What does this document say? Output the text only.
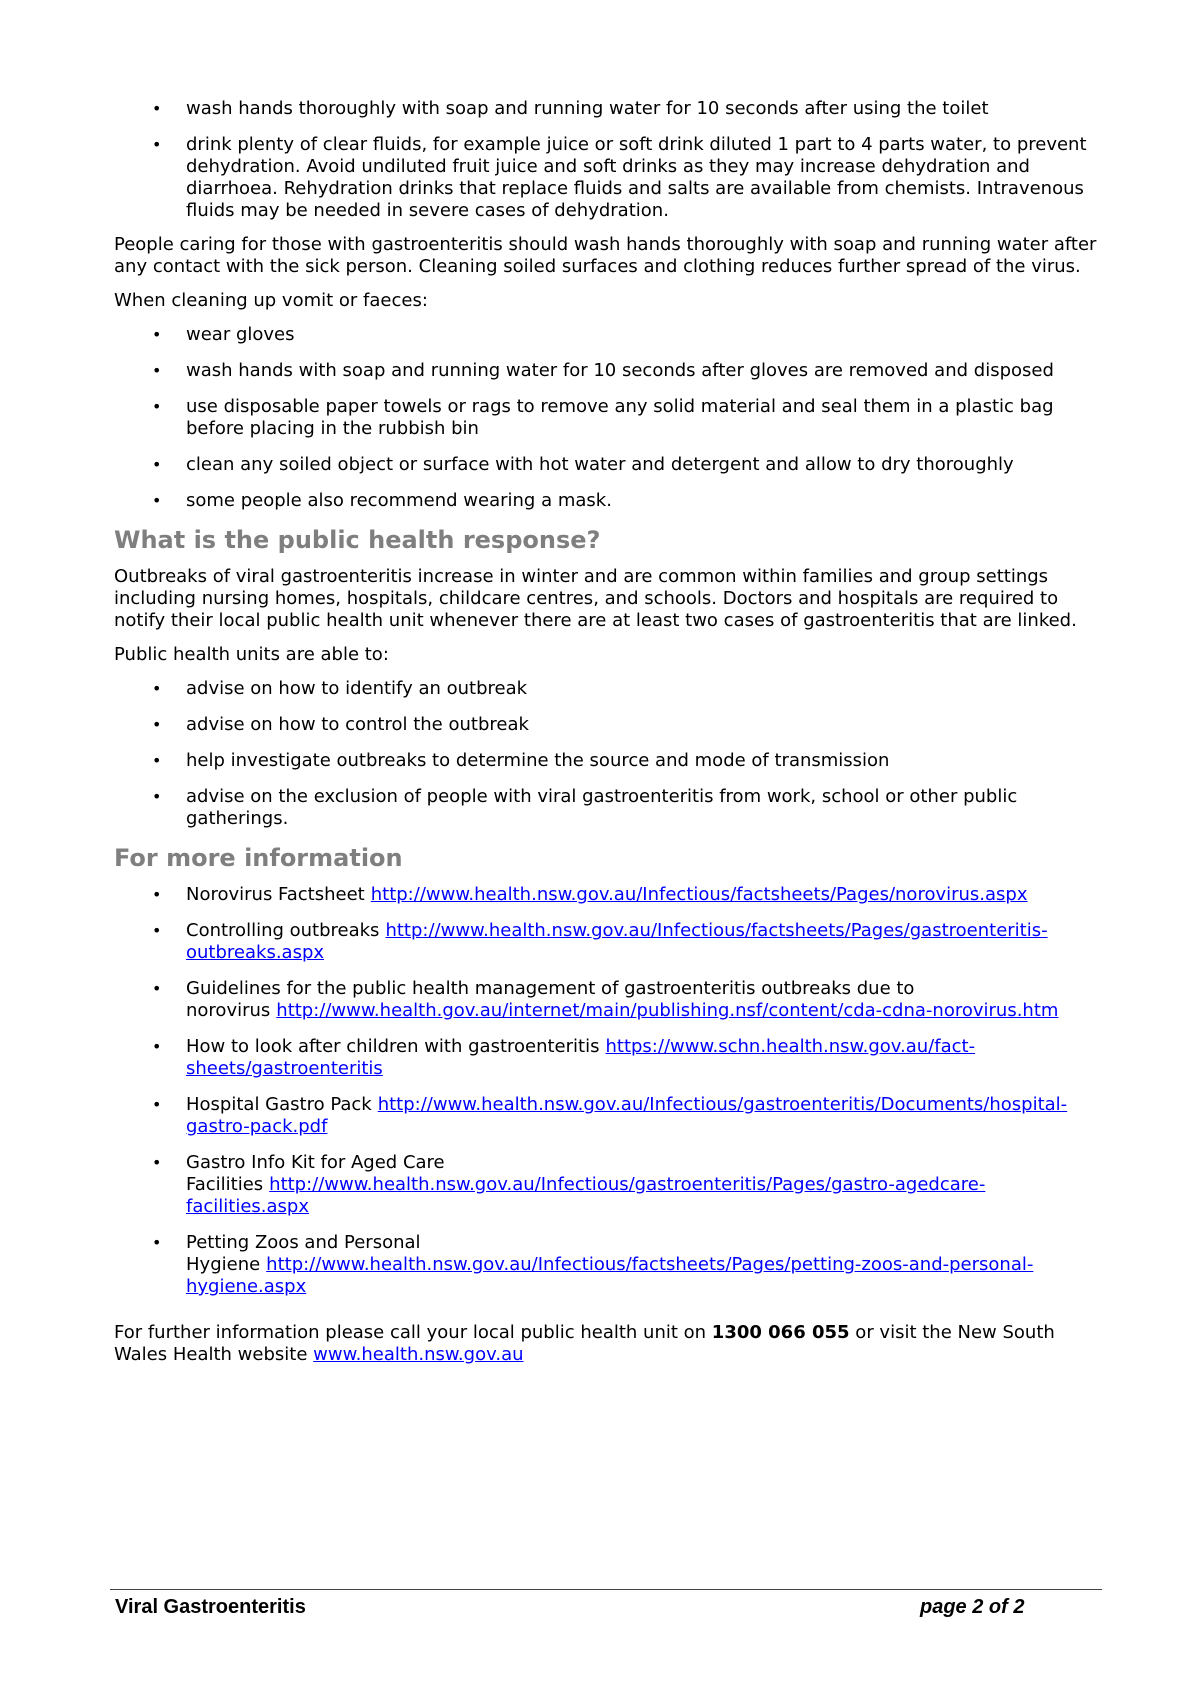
• wash hands thoroughly with soap and running water for 10 seconds after using the toilet
• drink plenty of clear fluids, for example juice or soft drink diluted 1 part to 4 parts water, to prevent dehydration. Avoid undiluted fruit juice and soft drinks as they may increase dehydration and diarrhoea. Rehydration drinks that replace fluids and salts are available from chemists. Intravenous fluids may be needed in severe cases of dehydration.

People caring for those with gastroenteritis should wash hands thoroughly with soap and running water after any contact with the sick person. Cleaning soiled surfaces and clothing reduces further spread of the virus.

When cleaning up vomit or faeces:

• wear gloves
• wash hands with soap and running water for 10 seconds after gloves are removed and disposed
• use disposable paper towels or rags to remove any solid material and seal them in a plastic bag before placing in the rubbish bin
• clean any soiled object or surface with hot water and detergent and allow to dry thoroughly
• some people also recommend wearing a mask.
What is the public health response?

Outbreaks of viral gastroenteritis increase in winter and are common within families and group settings including nursing homes, hospitals, childcare centres, and schools. Doctors and hospitals are required to notify their local public health unit whenever there are at least two cases of gastroenteritis that are linked.

Public health units are able to:

• advise on how to identify an outbreak
• advise on how to control the outbreak
• help investigate outbreaks to determine the source and mode of transmission
• advise on the exclusion of people with viral gastroenteritis from work, school or other public gatherings.
For more information
• Norovirus Factsheet http://www.health.nsw.gov.au/Infectious/factsheets/Pages/norovirus.aspx
• Controlling outbreaks http://www.health.nsw.gov.au/Infectious/factsheets/Pages/gastroenteritis-outbreaks.aspx
• Guidelines for the public health management of gastroenteritis outbreaks due to norovirus http://www.health.gov.au/internet/main/publishing.nsf/content/cda-cdna-norovirus.htm
• How to look after children with gastroenteritis https://www.schn.health.nsw.gov.au/fact-sheets/gastroenteritis
• Hospital Gastro Pack http://www.health.nsw.gov.au/Infectious/gastroenteritis/Documents/hospital-gastro-pack.pdf
• Gastro Info Kit for Aged Care Facilities http://www.health.nsw.gov.au/Infectious/gastroenteritis/Pages/gastro-agedcare-facilities.aspx
• Petting Zoos and Personal Hygiene http://www.health.nsw.gov.au/Infectious/factsheets/Pages/petting-zoos-and-personal-hygiene.aspx

For further information please call your local public health unit on 1300 066 055 or visit the New South Wales Health website www.health.nsw.gov.au

Viral Gastroenteritis	page 2 of 2
